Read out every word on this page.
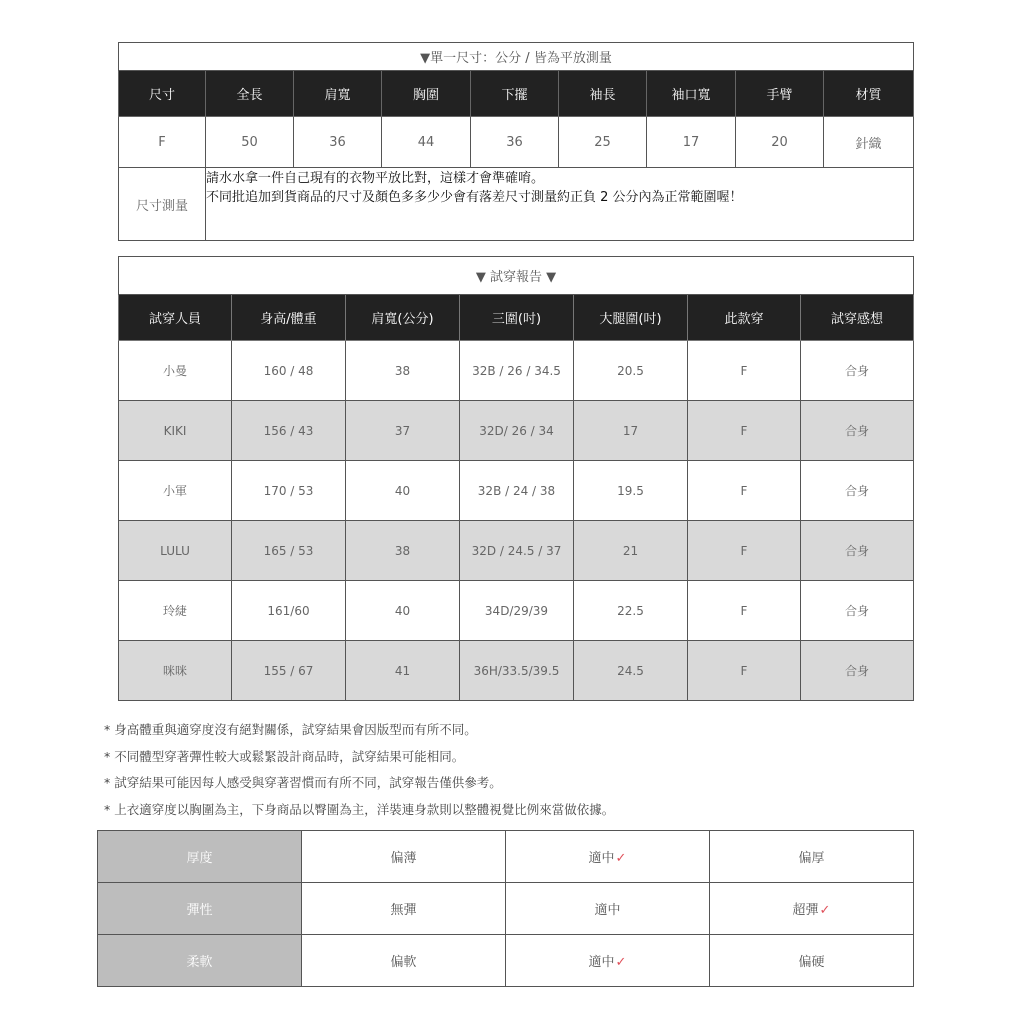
▼單一尺寸：公分 / 皆為平放測量								
尺寸	全長	肩寬	胸圍	下擺	袖長	袖口寬	手臂	材質
F	50	36	44	36	25	17	20	針織
尺寸測量	請水水拿一件自己現有的衣物平放比對，這樣才會準確唷。
不同批追加到貨商品的尺寸及顏色多多少少會有落差尺寸測量約正負 2 公分內為正常範圍喔！							
▼ 試穿報告 ▼						
試穿人員	身高/體重	肩寬(公分)	三圍(吋)	大腿圍(吋)	此款穿	試穿感想
小曼	160 / 48	38	32B / 26 / 34.5	20.5	F	合身
KIKI	156 / 43	37	32D/ 26 / 34	17	F	合身
小軍	170 / 53	40	32B / 24 / 38	19.5	F	合身
LULU	165 / 53	38	32D / 24.5 / 37	21	F	合身
玲緁	161/60	40	34D/29/39	22.5	F	合身
咪咪	155 / 67	41	36H/33.5/39.5	24.5	F	合身
* 身高體重與適穿度沒有絕對關係，試穿結果會因版型而有所不同。
* 不同體型穿著彈性較大或鬆緊設計商品時，試穿結果可能相同。
* 試穿結果可能因每人感受與穿著習慣而有所不同，試穿報告僅供參考。
* 上衣適穿度以胸圍為主，下身商品以臀圍為主，洋裝連身款則以整體視覺比例來當做依據。
厚度	偏薄	適中✓	偏厚
彈性	無彈	適中	超彈✓
柔軟	偏軟	適中✓	偏硬
